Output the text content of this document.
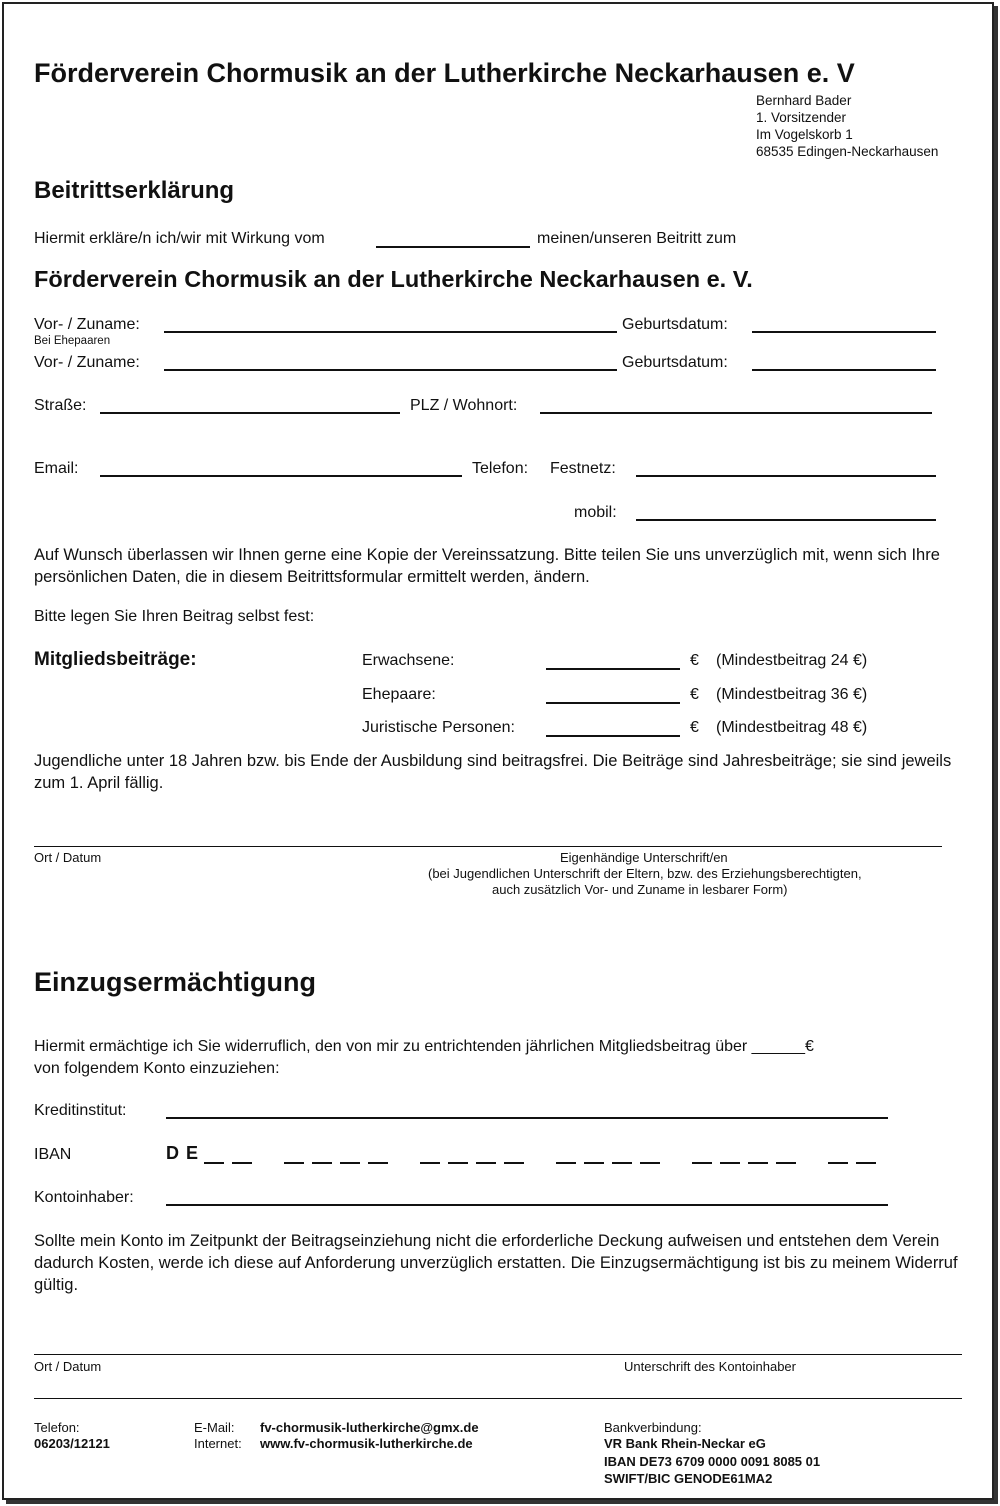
Förderverein Chormusik an der Lutherkirche Neckarhausen e. V
Bernhard Bader
1. Vorsitzender
Im Vogelskorb 1
68535 Edingen-Neckarhausen
Beitrittserklärung
Hiermit erkläre/n ich/wir mit Wirkung vom	meinen/unseren Beitritt zum
Förderverein Chormusik an der Lutherkirche Neckarhausen e. V.
Vor- / Zuname:	Geburtsdatum:
Bei Ehepaaren
Vor- / Zuname:	Geburtsdatum:
Straße:	PLZ / Wohnort:
Email:	Telefon: Festnetz:
mobil:
Auf Wunsch überlassen wir Ihnen gerne eine Kopie der Vereinssatzung. Bitte teilen Sie uns unverzüglich mit, wenn sich Ihre persönlichen Daten, die in diesem Beitrittsformular ermittelt werden, ändern.
Bitte legen Sie Ihren Beitrag selbst fest:
Mitgliedsbeiträge:	Erwachsene:	€ (Mindestbeitrag 24 €)
Ehepaare:	€ (Mindestbeitrag 36 €)
Juristische Personen:	€ (Mindestbeitrag 48 €)
Jugendliche unter 18 Jahren bzw. bis Ende der Ausbildung sind beitragsfrei. Die Beiträge sind Jahresbeiträge; sie sind jeweils zum 1. April fällig.
Ort / Datum	Eigenhändige Unterschrift/en
(bei Jugendlichen Unterschrift der Eltern, bzw. des Erziehungsberechtigten,
auch zusätzlich Vor- und Zuname in lesbarer Form)
Einzugsermächtigung
Hiermit ermächtige ich Sie widerruflich, den von mir zu entrichtenden jährlichen Mitgliedsbeitrag über ______€
von folgendem Konto einzuziehen:
Kreditinstitut:
IBAN	D E
Kontoinhaber:
Sollte mein Konto im Zeitpunkt der Beitragseinziehung nicht die erforderliche Deckung aufweisen und entstehen dem Verein dadurch Kosten, werde ich diese auf Anforderung unverzüglich erstatten. Die Einzugsermächtigung ist bis zu meinem Widerruf gültig.
Ort / Datum	Unterschrift des Kontoinhaber
Telefon:
06203/12121
E-Mail: fv-chormusik-lutherkirche@gmx.de
Internet: www.fv-chormusik-lutherkirche.de
Bankverbindung:
VR Bank Rhein-Neckar eG
IBAN DE73 6709 0000 0091 8085 01
SWIFT/BIC GENODE61MA2
